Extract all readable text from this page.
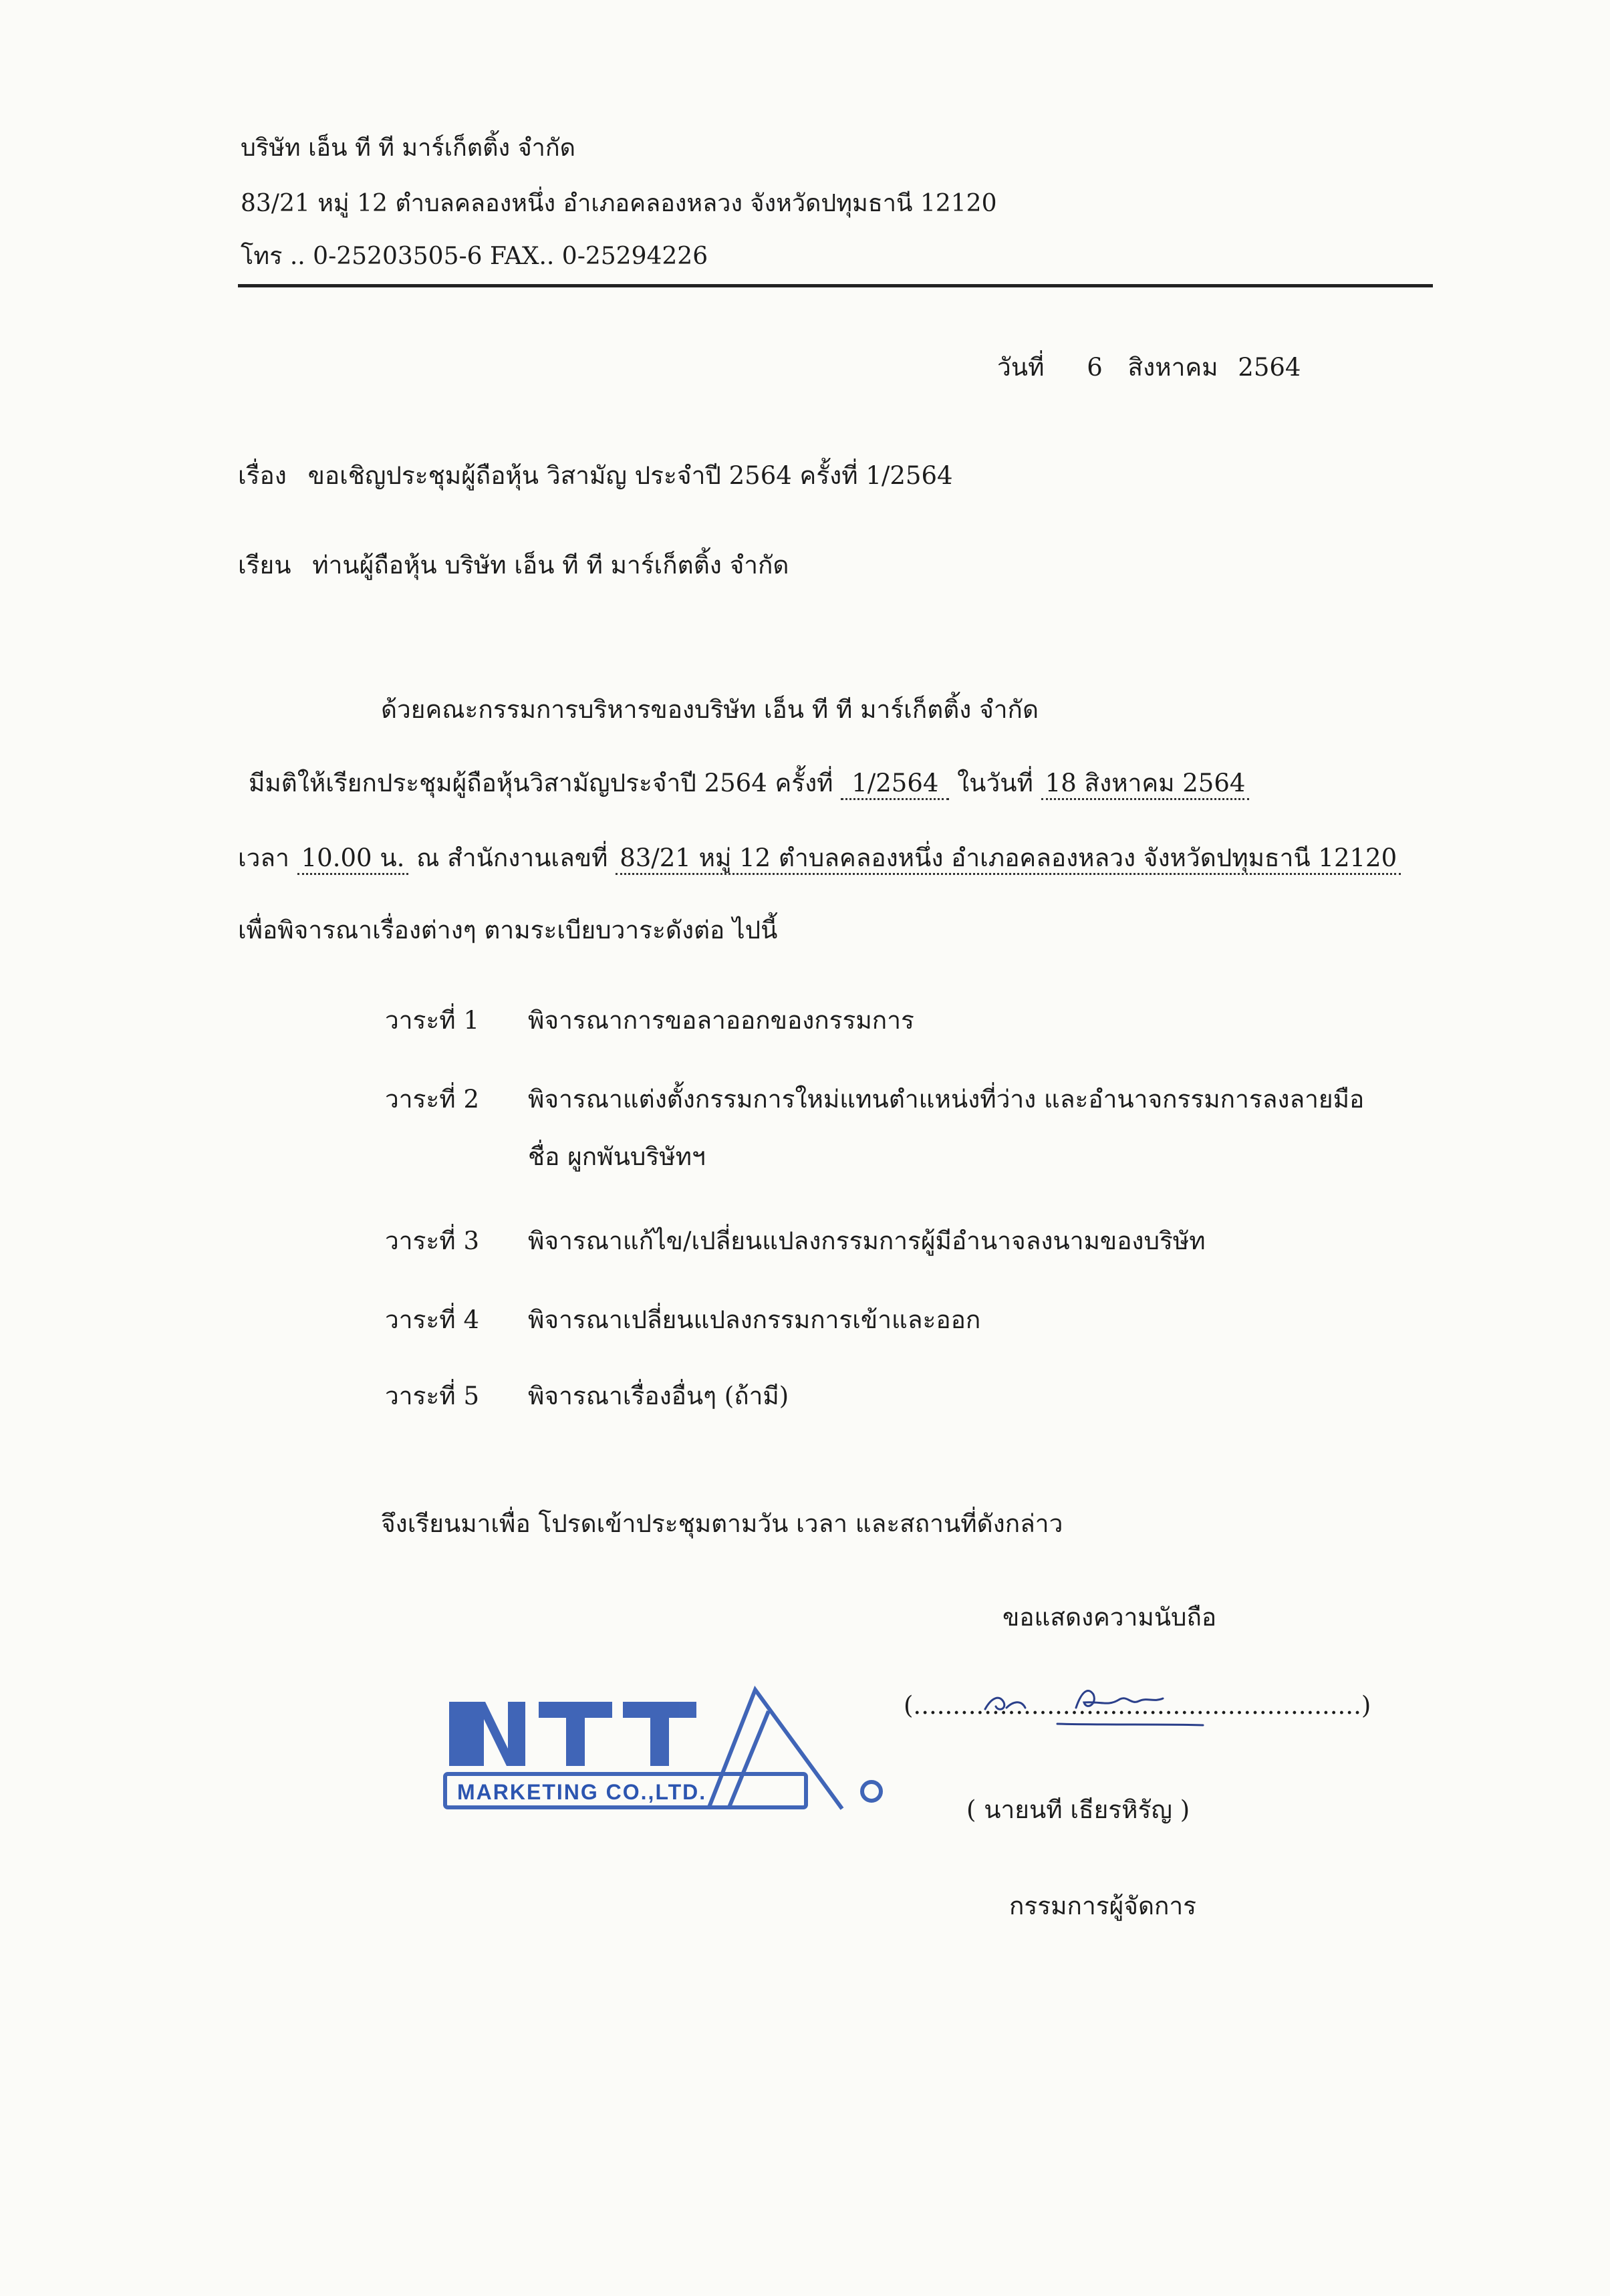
บริษัท เอ็น ที ที มาร์เก็ตติ้ง จำกัด
83/21 หมู่ 12 ตำบลคลองหนึ่ง อำเภอคลองหลวง จังหวัดปทุมธานี 12120
โทร .. 0-25203505-6 FAX.. 0-25294226
วันที่ 6 สิงหาคม 2564
เรื่อง ขอเชิญประชุมผู้ถือหุ้น วิสามัญ ประจำปี 2564 ครั้งที่ 1/2564
เรียน ท่านผู้ถือหุ้น บริษัท เอ็น ที ที มาร์เก็ตติ้ง จำกัด
ด้วยคณะกรรมการบริหารของบริษัท เอ็น ที ที มาร์เก็ตติ้ง จำกัด
มีมติให้เรียกประชุมผู้ถือหุ้นวิสามัญประจำปี 2564 ครั้งที่ 1/2564 ในวันที่ 18 สิงหาคม 2564
เวลา 10.00 น. ณ สำนักงานเลขที่ 83/21 หมู่ 12 ตำบลคลองหนึ่ง อำเภอคลองหลวง จังหวัดปทุมธานี 12120
เพื่อพิจารณาเรื่องต่างๆ ตามระเบียบวาระดังต่อ ไปนี้
วาระที่ 1 พิจารณาการขอลาออกของกรรมการ
วาระที่ 2 พิจารณาแต่งตั้งกรรมการใหม่แทนตำแหน่งที่ว่าง และอำนาจกรรมการลงลายมือ
ชื่อ ผูกพันบริษัทฯ
วาระที่ 3 พิจารณาแก้ไข/เปลี่ยนแปลงกรรมการผู้มีอำนาจลงนามของบริษัท
วาระที่ 4 พิจารณาเปลี่ยนแปลงกรรมการเข้าและออก
วาระที่ 5 พิจารณาเรื่องอื่นๆ (ถ้ามี)
จึงเรียนมาเพื่อ โปรดเข้าประชุมตามวัน เวลา และสถานที่ดังกล่าว
ขอแสดงความนับถือ
MARKETING CO.,LTD.
(.........................................................)
( นายนที เธียรหิรัญ )
กรรมการผู้จัดการ
